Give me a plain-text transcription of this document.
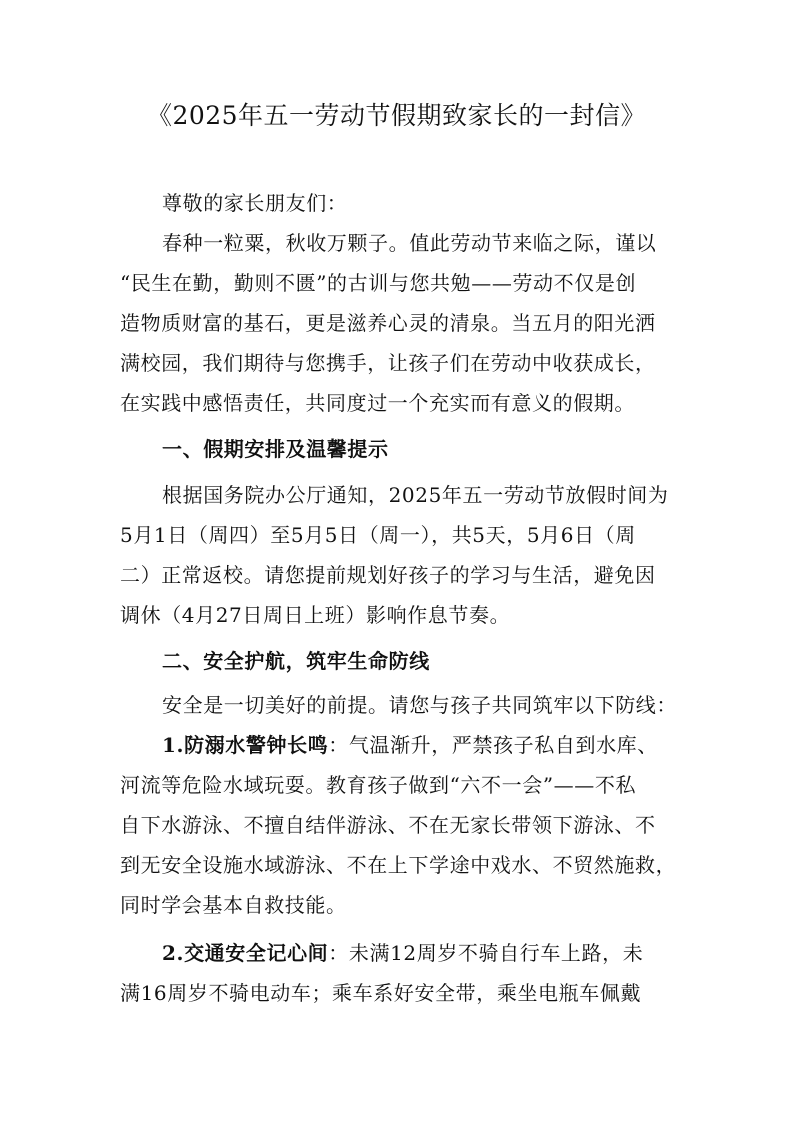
《2025年五一劳动节假期致家长的一封信》
尊敬的家长朋友们：
春种一粒粟，秋收万颗子。值此劳动节来临之际，谨以
“民生在勤，勤则不匮”的古训与您共勉——劳动不仅是创
造物质财富的基石，更是滋养心灵的清泉。当五月的阳光洒
满校园，我们期待与您携手，让孩子们在劳动中收获成长，
在实践中感悟责任，共同度过一个充实而有意义的假期。
一、假期安排及温馨提示
根据国务院办公厅通知，2025年五一劳动节放假时间为
5月1日（周四）至5月5日（周一），共5天，5月6日（周
二）正常返校。请您提前规划好孩子的学习与生活，避免因
调休（4月27日周日上班）影响作息节奏。
二、安全护航，筑牢生命防线
安全是一切美好的前提。请您与孩子共同筑牢以下防线：
1.防溺水警钟长鸣：气温渐升，严禁孩子私自到水库、
河流等危险水域玩耍。教育孩子做到“六不一会”——不私
自下水游泳、不擅自结伴游泳、不在无家长带领下游泳、不
到无安全设施水域游泳、不在上下学途中戏水、不贸然施救，
同时学会基本自救技能。
2.交通安全记心间：未满12周岁不骑自行车上路，未
满16周岁不骑电动车；乘车系好安全带，乘坐电瓶车佩戴
